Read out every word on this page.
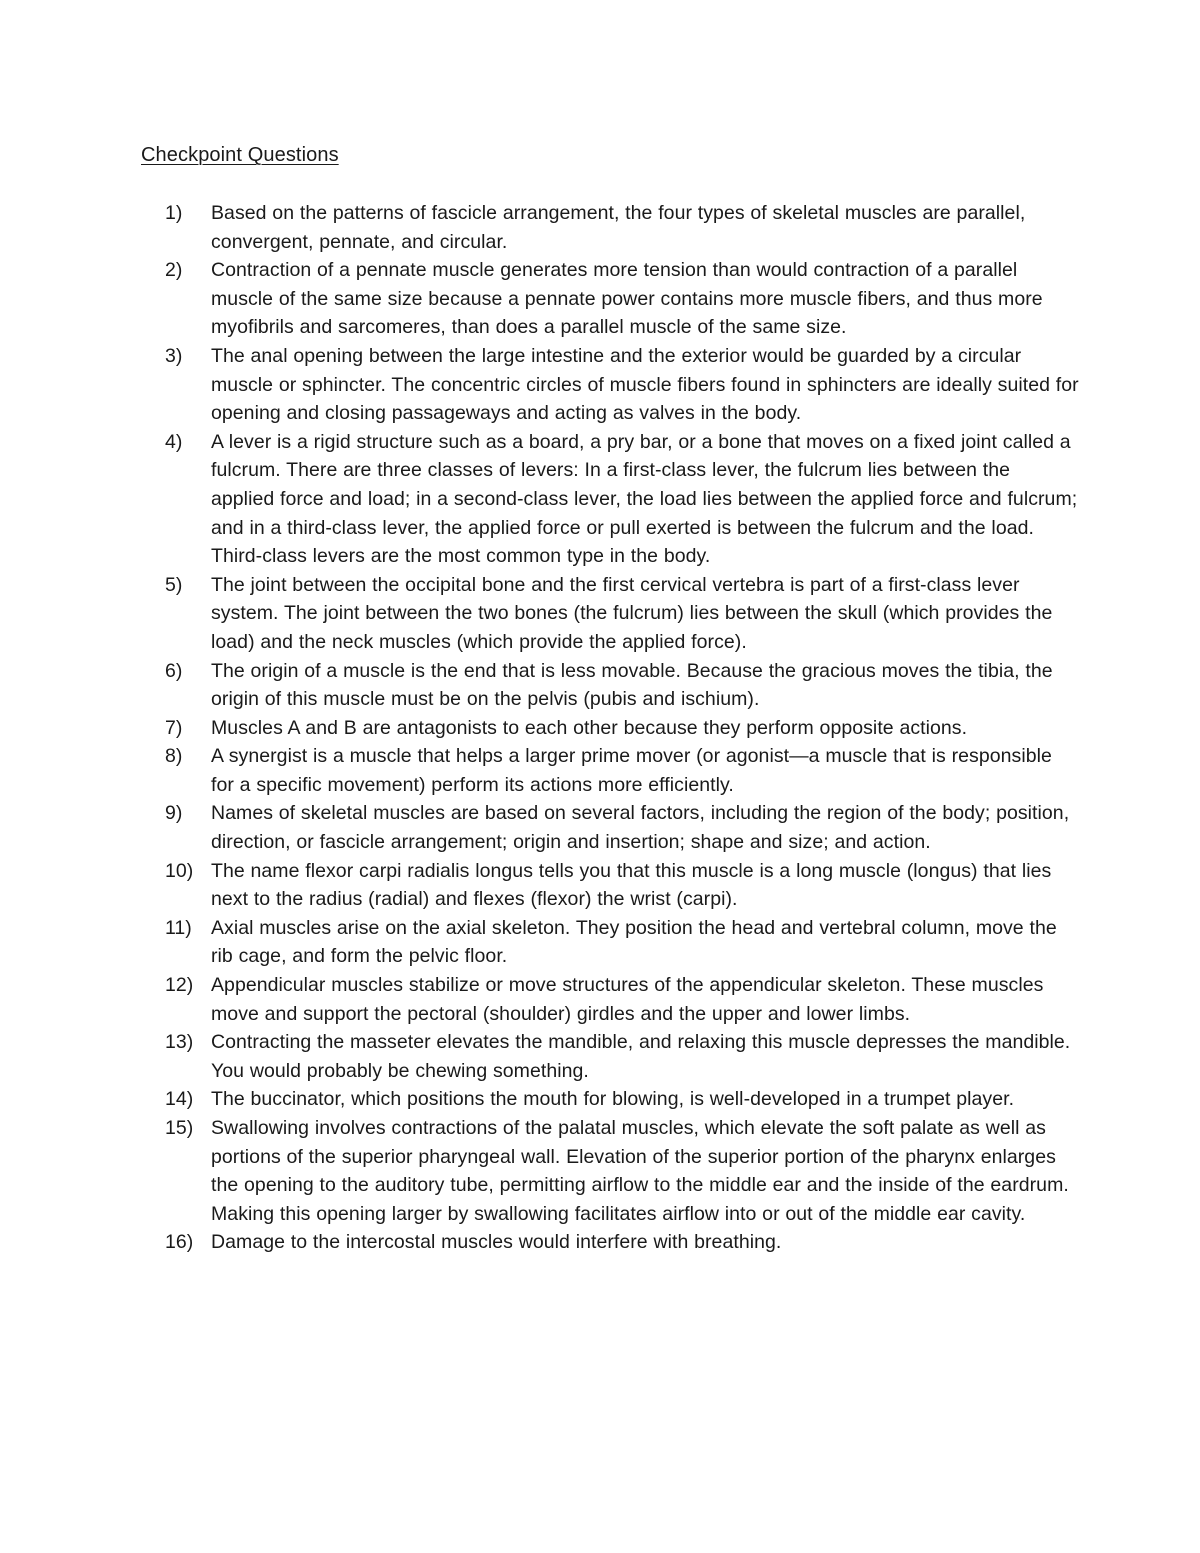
Checkpoint Questions
1)	Based on the patterns of fascicle arrangement, the four types of skeletal muscles are parallel, convergent, pennate, and circular.
2)	Contraction of a pennate muscle generates more tension than would contraction of a parallel muscle of the same size because a pennate power contains more muscle fibers, and thus more myofibrils and sarcomeres, than does a parallel muscle of the same size.
3)	The anal opening between the large intestine and the exterior would be guarded by a circular muscle or sphincter. The concentric circles of muscle fibers found in sphincters are ideally suited for opening and closing passageways and acting as valves in the body.
4)	A lever is a rigid structure such as a board, a pry bar, or a bone that moves on a fixed joint called a fulcrum. There are three classes of levers: In a first-class lever, the fulcrum lies between the applied force and load; in a second-class lever, the load lies between the applied force and fulcrum; and in a third-class lever, the applied force or pull exerted is between the fulcrum and the load. Third-class levers are the most common type in the body.
5)	The joint between the occipital bone and the first cervical vertebra is part of a first-class lever system. The joint between the two bones (the fulcrum) lies between the skull (which provides the load) and the neck muscles (which provide the applied force).
6)	The origin of a muscle is the end that is less movable. Because the gracious moves the tibia, the origin of this muscle must be on the pelvis (pubis and ischium).
7)	Muscles A and B are antagonists to each other because they perform opposite actions.
8)	A synergist is a muscle that helps a larger prime mover (or agonist—a muscle that is responsible for a specific movement) perform its actions more efficiently.
9)	Names of skeletal muscles are based on several factors, including the region of the body; position, direction, or fascicle arrangement; origin and insertion; shape and size; and action.
10) The name flexor carpi radialis longus tells you that this muscle is a long muscle (longus) that lies next to the radius (radial) and flexes (flexor) the wrist (carpi).
11) Axial muscles arise on the axial skeleton. They position the head and vertebral column, move the rib cage, and form the pelvic floor.
12) Appendicular muscles stabilize or move structures of the appendicular skeleton. These muscles move and support the pectoral (shoulder) girdles and the upper and lower limbs.
13) Contracting the masseter elevates the mandible, and relaxing this muscle depresses the mandible. You would probably be chewing something.
14) The buccinator, which positions the mouth for blowing, is well-developed in a trumpet player.
15) Swallowing involves contractions of the palatal muscles, which elevate the soft palate as well as portions of the superior pharyngeal wall. Elevation of the superior portion of the pharynx enlarges the opening to the auditory tube, permitting airflow to the middle ear and the inside of the eardrum. Making this opening larger by swallowing facilitates airflow into or out of the middle ear cavity.
16) Damage to the intercostal muscles would interfere with breathing.
